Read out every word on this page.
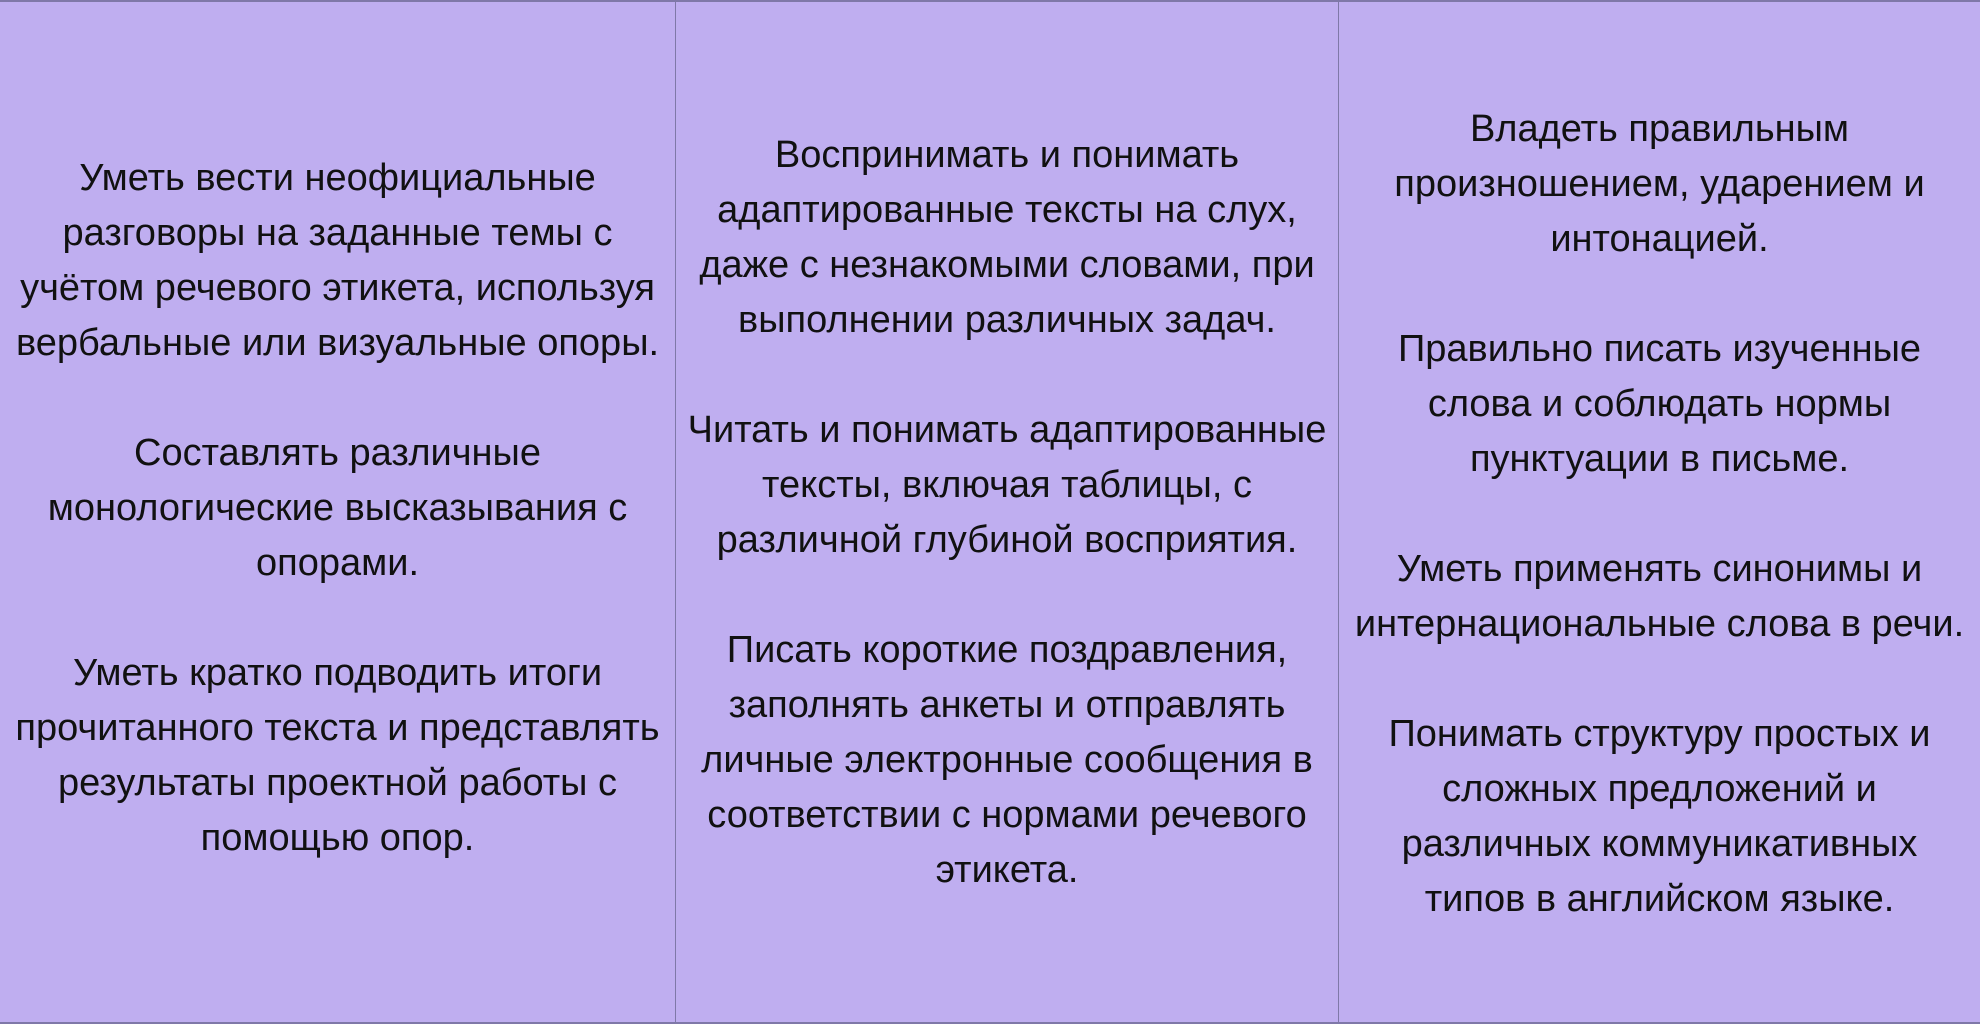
Уметь вести неофициальные разговоры на заданные темы с учётом речевого этикета, используя вербальные или визуальные опоры.

Составлять различные монологические высказывания с опорами.

Уметь кратко подводить итоги прочитанного текста и представлять результаты проектной работы с помощью опор.

Воспринимать и понимать адаптированные тексты на слух, даже с незнакомыми словами, при выполнении различных задач.

Читать и понимать адаптированные тексты, включая таблицы, с различной глубиной восприятия.

Писать короткие поздравления, заполнять анкеты и отправлять личные электронные сообщения в соответствии с нормами речевого этикета.

Владеть правильным произношением, ударением и интонацией.

Правильно писать изученные слова и соблюдать нормы пунктуации в письме.

Уметь применять синонимы и интернациональные слова в речи.

Понимать структуру простых и сложных предложений и различных коммуникативных типов в английском языке.
